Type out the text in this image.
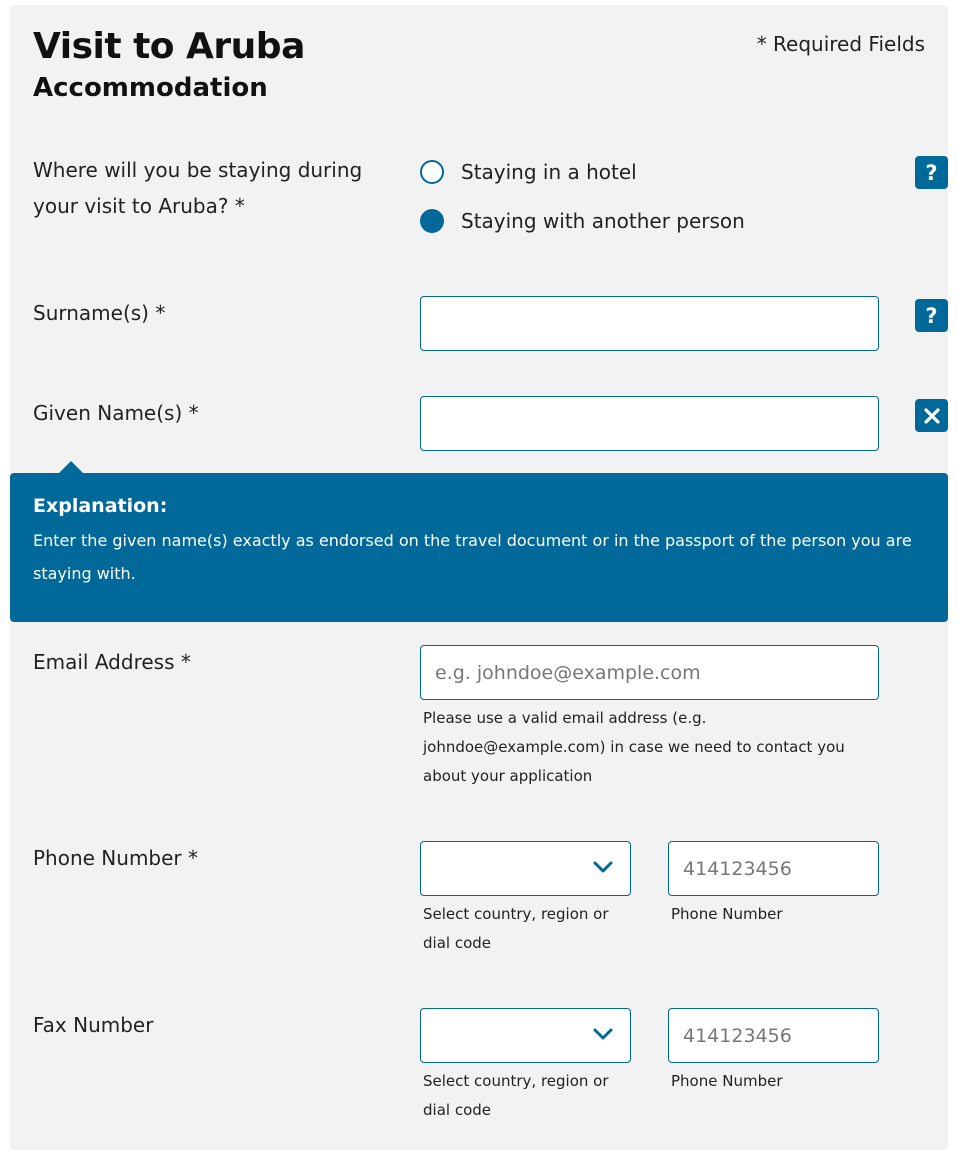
Visit to Aruba
Accommodation
* Required Fields
Where will you be staying during your visit to Aruba? *
Staying in a hotel
Staying with another person
?
Surname(s) *	?
Given Name(s) *
Explanation:
Enter the given name(s) exactly as endorsed on the travel document or in the passport of the person you are staying with.
Email Address *
e.g. johndoe@example.com
Please use a valid email address (e.g. johndoe@example.com) in case we need to contact you about your application
Phone Number *
414123456
Select country, region or dial code
Phone Number
Fax Number
414123456
Select country, region or dial code
Phone Number
